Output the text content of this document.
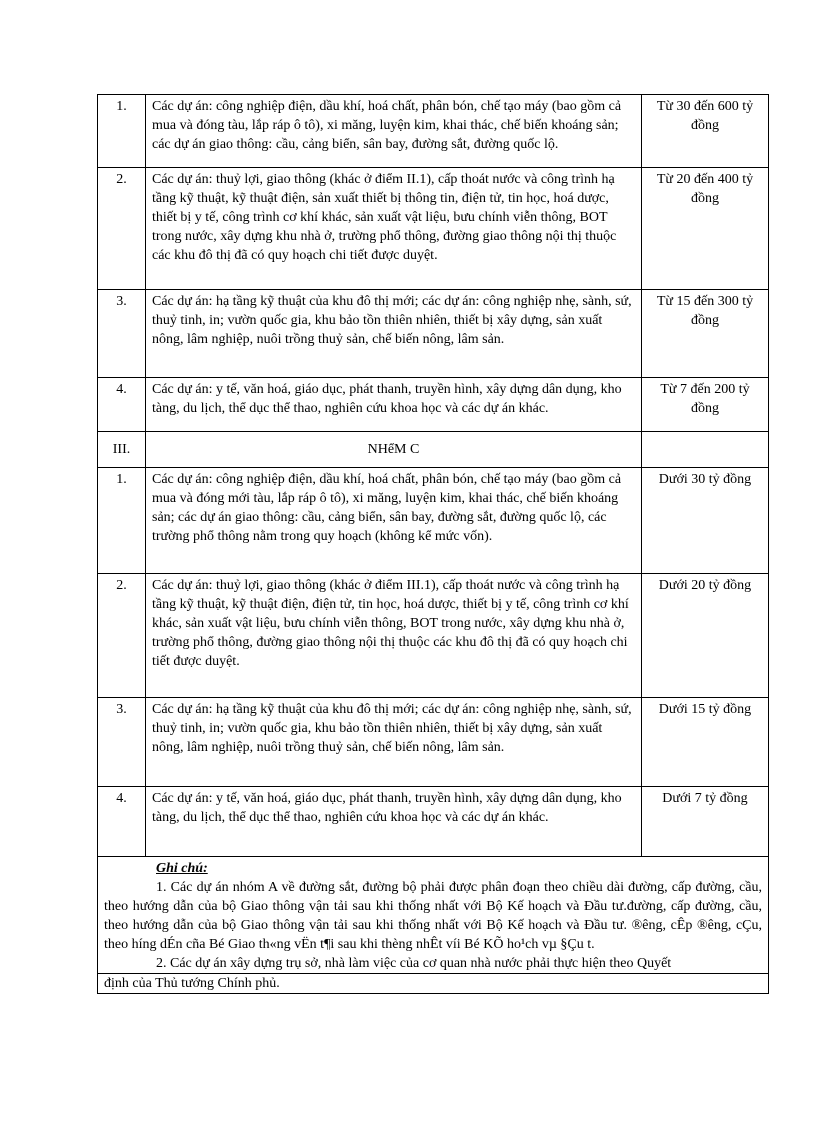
1.	Các dự án: công nghiệp điện, dầu khí, hoá chất, phân bón, chế tạo máy (bao gồm cả mua và đóng tàu, lắp ráp ô tô), xi măng, luyện kim, khai thác, chế biến khoáng sản; các dự án giao thông: cầu, cảng biển, sân bay, đường sắt, đường quốc lộ.	Từ 30 đến 600 tỷ đồng
2.	Các dự án: thuỷ lợi, giao thông (khác ở điểm II.1), cấp thoát nước và công trình hạ tầng kỹ thuật, kỹ thuật điện, sản xuất thiết bị thông tin, điện tử, tin học, hoá dược, thiết bị y tế, công trình cơ khí khác, sản xuất vật liệu, bưu chính viễn thông, BOT trong nước, xây dựng khu nhà ở, trường phổ thông, đường giao thông nội thị thuộc các khu đô thị đã có quy hoạch chi tiết được duyệt.	Từ 20 đến 400 tỷ đồng
3.	Các dự án: hạ tầng kỹ thuật của khu đô thị mới; các dự án: công nghiệp nhẹ, sành, sứ, thuỷ tinh, in; vườn quốc gia, khu bảo tồn thiên nhiên, thiết bị xây dựng, sản xuất nông, lâm nghiệp, nuôi trồng thuỷ sản, chế biến nông, lâm sản.	Từ 15 đến 300 tỷ đồng
4.	Các dự án: y tế, văn hoá, giáo dục, phát thanh, truyền hình, xây dựng dân dụng, kho tàng, du lịch, thể dục thể thao, nghiên cứu khoa học và các dự án khác.	Từ 7 đến 200 tỷ đồng
III.	NHểM C	
1.	Các dự án: công nghiệp điện, dầu khí, hoá chất, phân bón, chế tạo máy (bao gồm cả mua và đóng mới tàu, lắp ráp ô tô), xi măng, luyện kim, khai thác, chế biến khoáng sản; các dự án giao thông: cầu, cảng biển, sân bay, đường sắt, đường quốc lộ, các trường phổ thông nằm trong quy hoạch (không kể mức vốn).	Dưới 30 tỷ đồng
2.	Các dự án: thuỷ lợi, giao thông (khác ở điểm III.1), cấp thoát nước và công trình hạ tầng kỹ thuật, kỹ thuật điện, điện tử, tin học, hoá dược, thiết bị y tế, công trình cơ khí khác, sản xuất vật liệu, bưu chính viễn thông, BOT trong nước, xây dựng khu nhà ở, trường phổ thông, đường giao thông nội thị thuộc các khu đô thị đã có quy hoạch chi tiết được duyệt.	Dưới 20 tỷ đồng
3.	Các dự án: hạ tầng kỹ thuật của khu đô thị mới; các dự án: công nghiệp nhẹ, sành, sứ, thuỷ tinh, in; vườn quốc gia, khu bảo tồn thiên nhiên, thiết bị xây dựng, sản xuất nông, lâm nghiệp, nuôi trồng thuỷ sản, chế biến nông, lâm sản.	Dưới 15 tỷ đồng
4.	Các dự án: y tế, văn hoá, giáo dục, phát thanh, truyền hình, xây dựng dân dụng, kho tàng, du lịch, thể dục thể thao, nghiên cứu khoa học và các dự án khác.	Dưới 7 tỷ đồng
Ghi chú:

1. Các dự án nhóm A về đường sắt, đường bộ phải được phân đoạn theo chiều dài đường, cấp đường, cầu, theo hướng dẫn của bộ Giao thông vận tải sau khi thống nhất với Bộ Kế hoạch và Đầu tư.đường, cấp đường, cầu, theo hướng dẫn của bộ Giao thông vận tải sau khi thống nhất với Bộ Kế hoạch và Đầu tư. ®êng, cÊp ®êng, cÇu, theo híng dÉn cña Bé Giao th«ng vËn t¶i sau khi thèng nhÊt víi Bé KÕ ho¹ch vµ §Çu t.

2. Các dự án xây dựng trụ sở, nhà làm việc của cơ quan nhà nước phải thực hiện theo Quyết

định của Thủ tướng Chính phủ.
